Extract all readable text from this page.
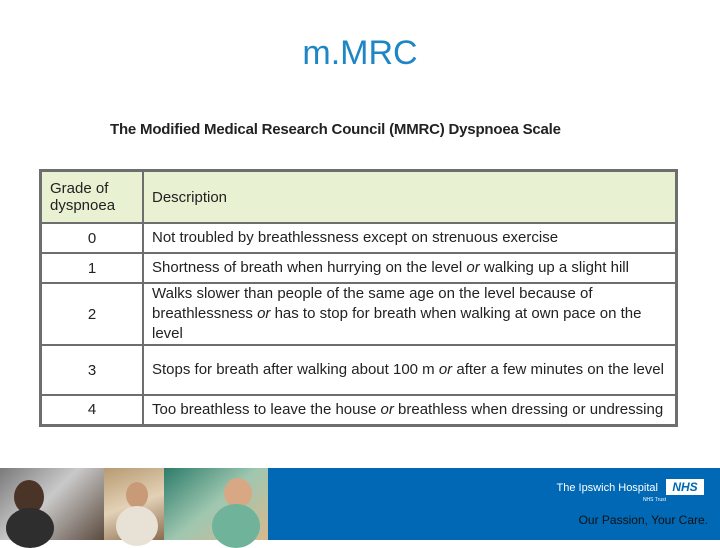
m.MRC
The Modified Medical Research Council (MMRC) Dyspnoea Scale
Grade of dyspnoea	Description
0	Not troubled by breathlessness except on strenuous exercise
1	Shortness of breath when hurrying on the level or walking up a slight hill
2	Walks slower than people of the same age on the level because of breathlessness or has to stop for breath when walking at own pace on the level
3	Stops for breath after walking about 100 m or after a few minutes on the level
4	Too breathless to leave the house or breathless when dressing or undressing
The Ipswich Hospital	NHS
NHS Trust
Our Passion, Your Care.
